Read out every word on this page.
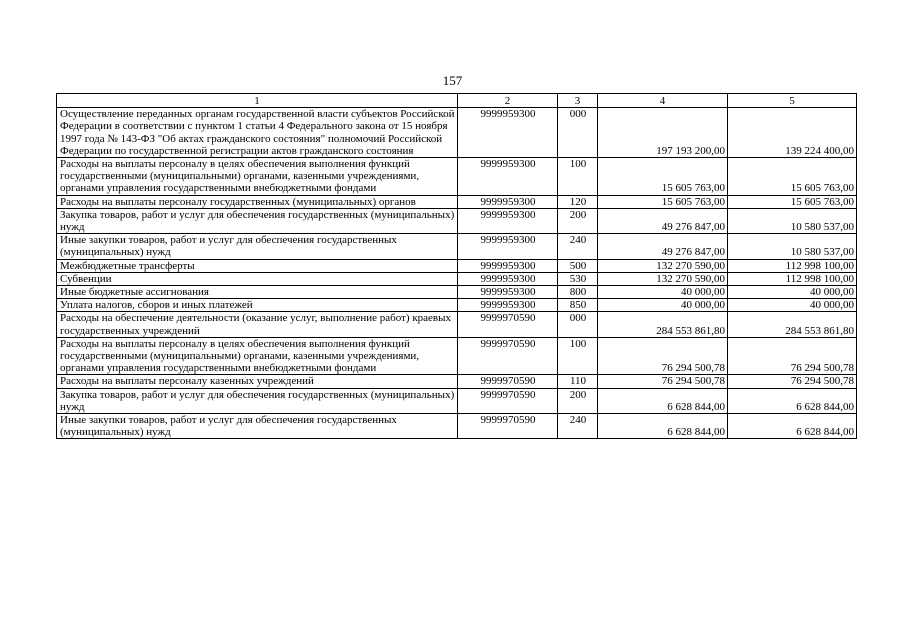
157
1	2	3	4	5
Осуществление переданных органам государственной власти субъектов Российской Федерации в соответствии с пунктом 1 статьи 4 Федерального закона от 15 ноября 1997 года № 143-ФЗ "Об актах гражданского состояния" полномочий Российской Федерации по государственной регистрации актов гражданского состояния	9999959300	000	197 193 200,00	139 224 400,00
Расходы на выплаты персоналу в целях обеспечения выполнения функций государственными (муниципальными) органами, казенными учреждениями, органами управления государственными внебюджетными фондами	9999959300	100	15 605 763,00	15 605 763,00
Расходы на выплаты персоналу государственных (муниципальных) органов	9999959300	120	15 605 763,00	15 605 763,00
Закупка товаров, работ и услуг для обеспечения государственных (муниципальных) нужд	9999959300	200	49 276 847,00	10 580 537,00
Иные закупки товаров, работ и услуг для обеспечения государственных (муниципальных) нужд	9999959300	240	49 276 847,00	10 580 537,00
Межбюджетные трансферты	9999959300	500	132 270 590,00	112 998 100,00
Субвенции	9999959300	530	132 270 590,00	112 998 100,00
Иные бюджетные ассигнования	9999959300	800	40 000,00	40 000,00
Уплата налогов, сборов и иных платежей	9999959300	850	40 000,00	40 000,00
Расходы на обеспечение деятельности (оказание услуг, выполнение работ) краевых государственных учреждений	9999970590	000	284 553 861,80	284 553 861,80
Расходы на выплаты персоналу в целях обеспечения выполнения функций государственными (муниципальными) органами, казенными учреждениями, органами управления государственными внебюджетными фондами	9999970590	100	76 294 500,78	76 294 500,78
Расходы на выплаты персоналу казенных учреждений	9999970590	110	76 294 500,78	76 294 500,78
Закупка товаров, работ и услуг для обеспечения государственных (муниципальных) нужд	9999970590	200	6 628 844,00	6 628 844,00
Иные закупки товаров, работ и услуг для обеспечения государственных (муниципальных) нужд	9999970590	240	6 628 844,00	6 628 844,00
